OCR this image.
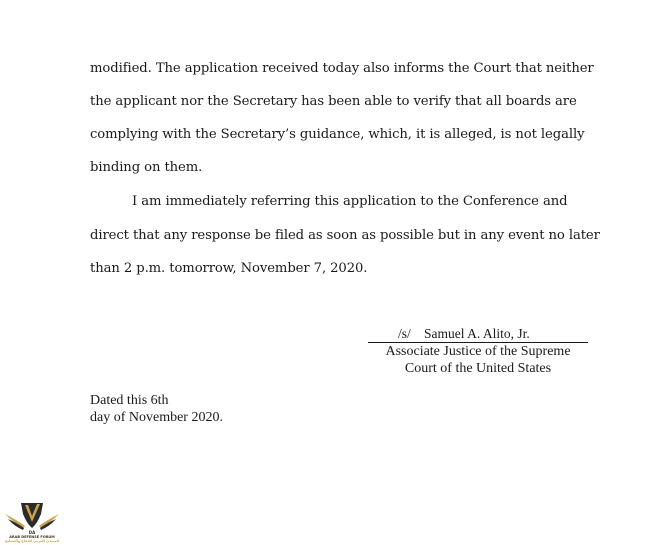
modified. The application received today also informs the Court that neither
the applicant nor the Secretary has been able to verify that all boards are
complying with the Secretary’s guidance, which, it is alleged, is not legally
binding on them.
I am immediately referring this application to the Conference and
direct that any response be filed as soon as possible but in any event no later
than 2 p.m. tomorrow, November 7, 2020.
/s/ Samuel A. Alito, Jr.
Associate Justice of the Supreme
Court of the United States
Dated this 6th
day of November 2020.
DA
ARAB DEFENSE FORUM
المنتدى العربي للدفاع والتسليح
